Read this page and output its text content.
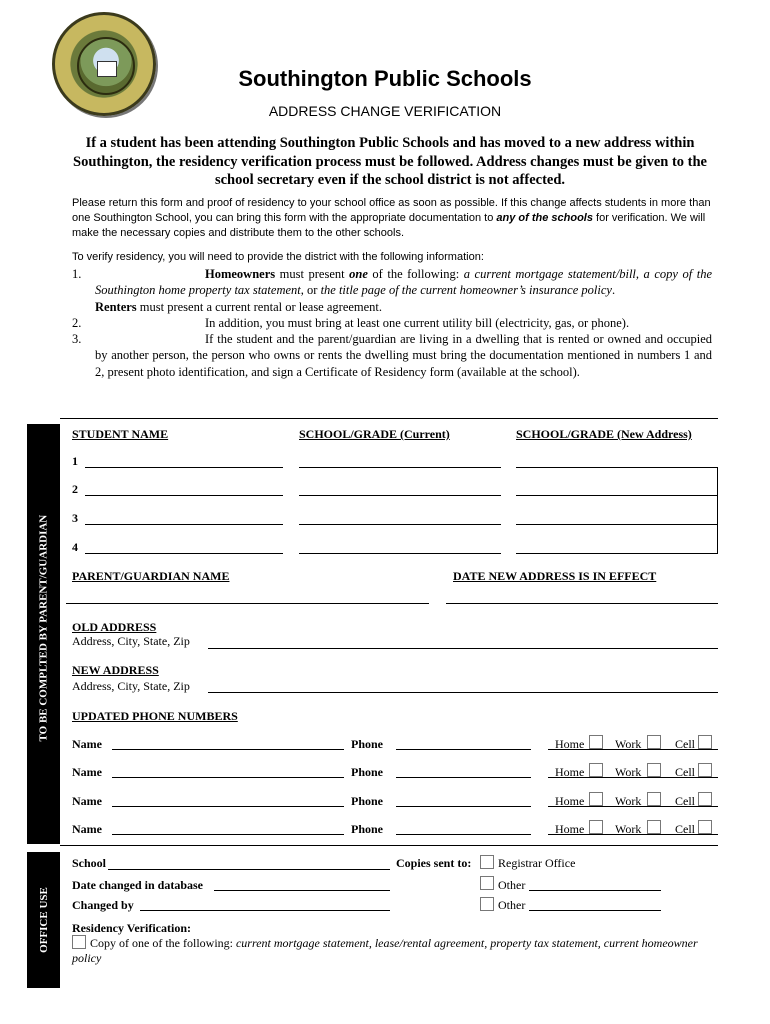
Southington Public Schools
ADDRESS CHANGE VERIFICATION
If a student has been attending Southington Public Schools and has moved to a new address within Southington, the residency verification process must be followed. Address changes must be given to the school secretary even if the school district is not affected.
Please return this form and proof of residency to your school office as soon as possible. If this change affects students in more than one Southington School, you can bring this form with the appropriate documentation to any of the schools for verification. We will make the necessary copies and distribute them to the other schools.
To verify residency, you will need to provide the district with the following information:
1.	Homeowners must present one of the following: a current mortgage statement/bill, a copy of the Southington home property tax statement, or the title page of the current homeowner’s insurance policy.
Renters must present a current rental or lease agreement.
2.	In addition, you must bring at least one current utility bill (electricity, gas, or phone).
3.	If the student and the parent/guardian are living in a dwelling that is rented or owned and occupied by another person, the person who owns or rents the dwelling must bring the documentation mentioned in numbers 1 and 2, present photo identification, and sign a Certificate of Residency form (available at the school).
TO BE COMPLTED BY PARENT/GUARDIAN
OFFICE USE
STUDENT NAME	SCHOOL/GRADE (Current)	SCHOOL/GRADE (New Address)
1
2
3
4
PARENT/GUARDIAN NAME	DATE NEW ADDRESS IS IN EFFECT
OLD ADDRESS
Address, City, State, Zip
NEW ADDRESS
Address, City, State, Zip
UPDATED PHONE NUMBERS
Name	Phone	Home	Work	Cell
Name	Phone	Home	Work	Cell
Name	Phone	Home	Work	Cell
Name	Phone	Home	Work	Cell
School	Copies sent to: Registrar Office
Date changed in database	Other
Changed by	Other
Residency Verification:
Copy of one of the following: current mortgage statement, lease/rental agreement, property tax statement, current homeowner policy
